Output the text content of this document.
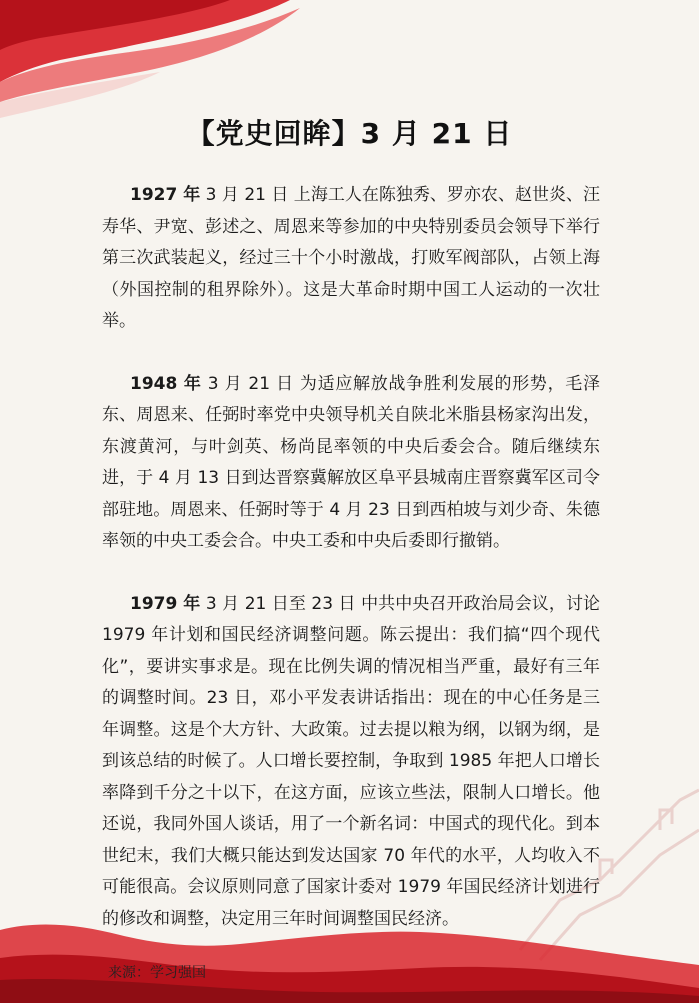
【党史回眸】3 月 21 日

1927 年 3 月 21 日 上海工人在陈独秀、罗亦农、赵世炎、汪寿华、尹宽、彭述之、周恩来等参加的中央特别委员会领导下举行第三次武装起义，经过三十个小时激战，打败军阀部队，占领上海（外国控制的租界除外）。这是大革命时期中国工人运动的一次壮举。

1948 年 3 月 21 日 为适应解放战争胜利发展的形势，毛泽东、周恩来、任弼时率党中央领导机关自陕北米脂县杨家沟出发，东渡黄河，与叶剑英、杨尚昆率领的中央后委会合。随后继续东进，于 4 月 13 日到达晋察冀解放区阜平县城南庄晋察冀军区司令部驻地。周恩来、任弼时等于 4 月 23 日到西柏坡与刘少奇、朱德率领的中央工委会合。中央工委和中央后委即行撤销。

1979 年 3 月 21 日至 23 日 中共中央召开政治局会议，讨论 1979 年计划和国民经济调整问题。陈云提出：我们搞“四个现代化”，要讲实事求是。现在比例失调的情况相当严重，最好有三年的调整时间。23 日，邓小平发表讲话指出：现在的中心任务是三年调整。这是个大方针、大政策。过去提以粮为纲，以钢为纲，是到该总结的时候了。人口增长要控制，争取到 1985 年把人口增长率降到千分之十以下，在这方面，应该立些法，限制人口增长。他还说，我同外国人谈话，用了一个新名词：中国式的现代化。到本世纪末，我们大概只能达到发达国家 70 年代的水平，人均收入不可能很高。会议原则同意了国家计委对 1979 年国民经济计划进行的修改和调整，决定用三年时间调整国民经济。

来源：学习强国
